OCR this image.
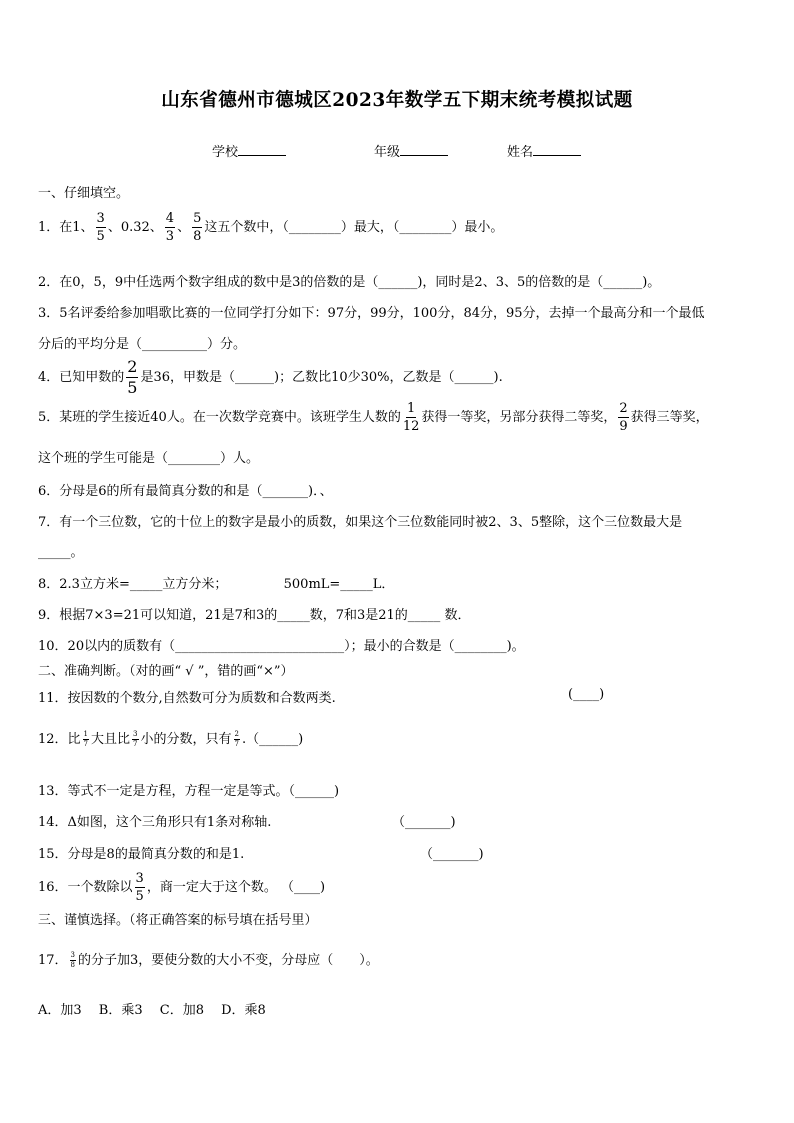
山东省德州市德城区2023年数学五下期末统考模拟试题
学校	年级	姓名
一、仔细填空。
1．在1、 $\frac{3}{5}$ 、0.32、 $\frac{4}{3}$ 、 $\frac{5}{8}$ 这五个数中，（________）最大，（________）最小。
2．在0，5，9中任选两个数字组成的数中是3的倍数的是（______)，同时是2、3、5的倍数的是（______)。
3．5名评委给参加唱歌比赛的一位同学打分如下：97分，99分，100分，84分，95分，去掉一个最高分和一个最低
分后的平均分是（__________）分。
4．已知甲数的 $\frac{2}{5}$ 是36，甲数是（______)；乙数比10少30%，乙数是（______).
5．某班的学生接近40人。在一次数学竞赛中。该班学生人数的 $\frac{1}{12}$ 获得一等奖，另部分获得二等奖， $\frac{2}{9}$ 获得三等奖，
这个班的学生可能是（________）人。
6．分母是6的所有最简真分数的和是（_______)．、
7．有一个三位数，它的十位上的数字是最小的质数，如果这个三位数能同时被2、3、5整除，这个三位数最大是
_____。
8．2.3立方米=_____立方分米；	500mL=_____L．
9．根据7×3=21可以知道，21是7和3的_____数，7和3是21的_____ 数．
10．20以内的质数有（__________________________）；最小的合数是（________)。
二、准确判断。（对的画“ √ ”，错的画“×”）
11．按因数的个数分,自然数可分为质数和合数两类.	(____)
12．比 $\frac{1}{7}$ 大且比 $\frac{3}{7}$ 小的分数，只有 $\frac{2}{7}$ .（______)
13．等式不一定是方程，方程一定是等式。（______)
14．Δ如图，这个三角形只有1条对称轴.	（_______)
15．分母是8的最简真分数的和是1.	（_______)
16．一个数除以 $\frac{3}{5}$ ，商一定大于这个数。 （____)
三、谨慎选择。（将正确答案的标号填在括号里）
17． $\frac{3}{8}$ 的分子加3，要使分数的大小不变，分母应（　　）。
A．加3　 B．乘3　 C．加8　 D．乘8
